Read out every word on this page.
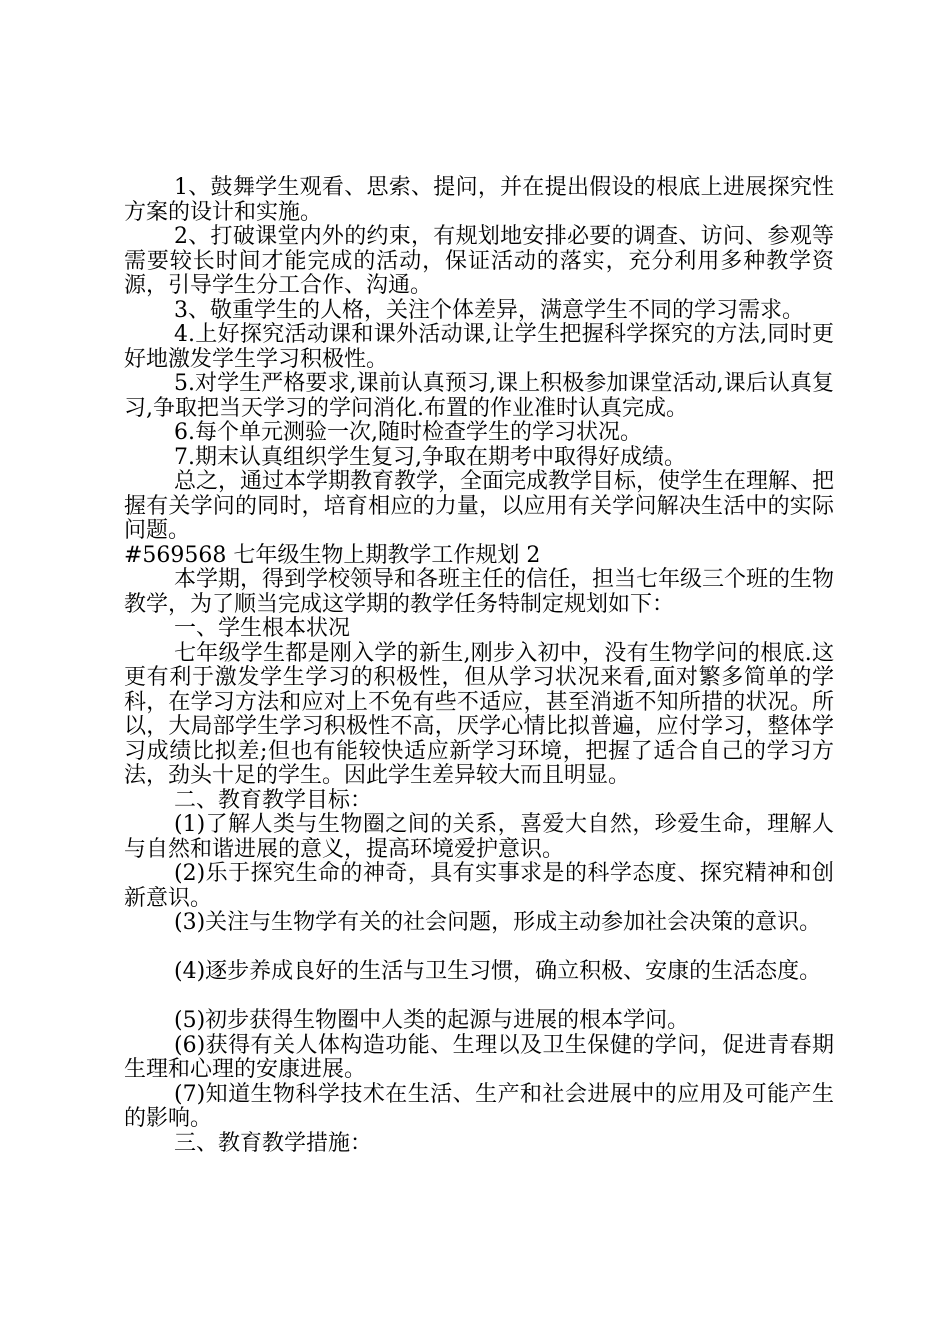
1、鼓舞学生观看、思索、提问，并在提出假设的根底上进展探究性方案的设计和实施。

2、打破课堂内外的约束，有规划地安排必要的调查、访问、参观等需要较长时间才能完成的活动，保证活动的落实，充分利用多种教学资源，引导学生分工合作、沟通。

3、敬重学生的人格，关注个体差异，满意学生不同的学习需求。

4.上好探究活动课和课外活动课,让学生把握科学探究的方法,同时更好地激发学生学习积极性。

5.对学生严格要求,课前认真预习,课上积极参加课堂活动,课后认真复习,争取把当天学习的学问消化.布置的作业准时认真完成。

6.每个单元测验一次,随时检查学生的学习状况。

7.期末认真组织学生复习,争取在期考中取得好成绩。

总之，通过本学期教育教学，全面完成教学目标，使学生在理解、把握有关学问的同时，培育相应的力量，以应用有关学问解决生活中的实际问题。

#569568 七年级生物上期教学工作规划 2

本学期，得到学校领导和各班主任的信任，担当七年级三个班的生物教学，为了顺当完成这学期的教学任务特制定规划如下：

一、学生根本状况

七年级学生都是刚入学的新生,刚步入初中，没有生物学问的根底.这更有利于激发学生学习的积极性，但从学习状况来看,面对繁多简单的学科，在学习方法和应对上不免有些不适应，甚至消逝不知所措的状况。所以，大局部学生学习积极性不高，厌学心情比拟普遍，应付学习，整体学习成绩比拟差;但也有能较快适应新学习环境，把握了适合自己的学习方法，劲头十足的学生。因此学生差异较大而且明显。

二、教育教学目标：

(1)了解人类与生物圈之间的关系，喜爱大自然，珍爱生命，理解人与自然和谐进展的意义，提高环境爱护意识。

(2)乐于探究生命的神奇，具有实事求是的科学态度、探究精神和创新意识。

(3)关注与生物学有关的社会问题，形成主动参加社会决策的意识。

(4)逐步养成良好的生活与卫生习惯，确立积极、安康的生活态度。

(5)初步获得生物圈中人类的起源与进展的根本学问。

(6)获得有关人体构造功能、生理以及卫生保健的学问，促进青春期生理和心理的安康进展。

(7)知道生物科学技术在生活、生产和社会进展中的应用及可能产生的影响。

三、教育教学措施：
